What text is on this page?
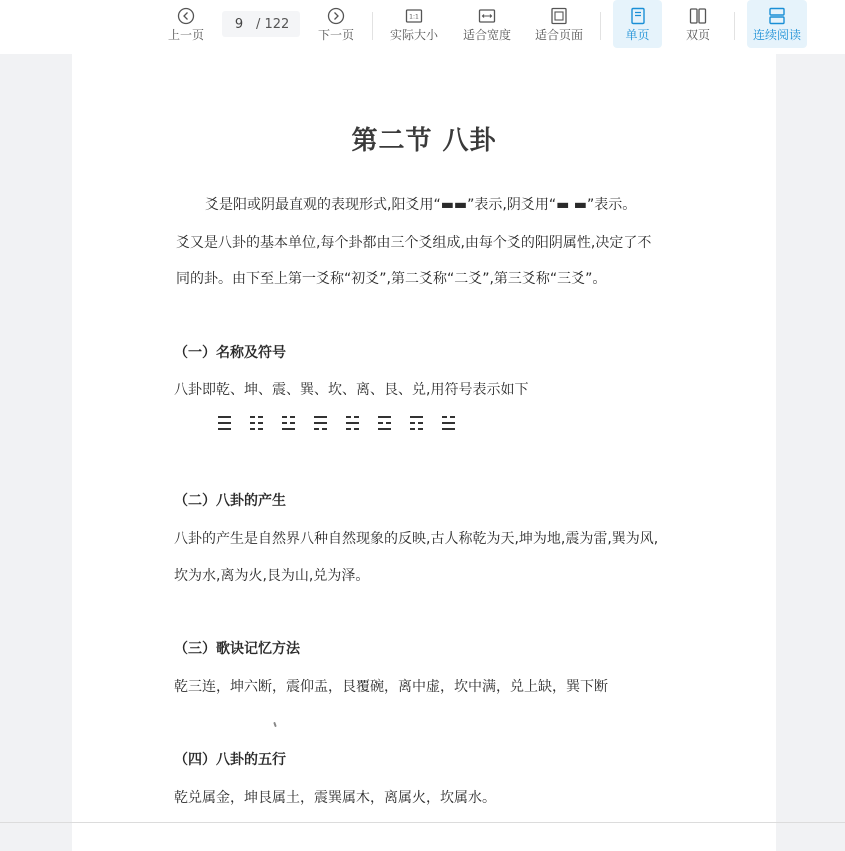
上一页
9
/ 122
下一页
1:1
实际大小 适合宽度 适合页面	单页	双页	连续阅读
第二节 八卦
爻是阳或阴最直观的表现形式,阳爻用“▬▬”表示,阴爻用“▬ ▬”表示。
爻又是八卦的基本单位,每个卦都由三个爻组成,由每个爻的阳阴属性,决定了不
同的卦。由下至上第一爻称“初爻”,第二爻称“二爻”,第三爻称“三爻”。
（一）名称及符号
八卦即乾、坤、震、巽、坎、离、艮、兑,用符号表示如下
（二）八卦的产生
八卦的产生是自然界八种自然现象的反映,古人称乾为天,坤为地,震为雷,巽为风,
坎为水,离为火,艮为山,兑为泽。
（三）歌诀记忆方法
乾三连，坤六断，震仰盂，艮覆碗，离中虚，坎中满，兑上缺，巽下断
（四）八卦的五行
乾兑属金，坤艮属土，震巽属木，离属火，坎属水。
